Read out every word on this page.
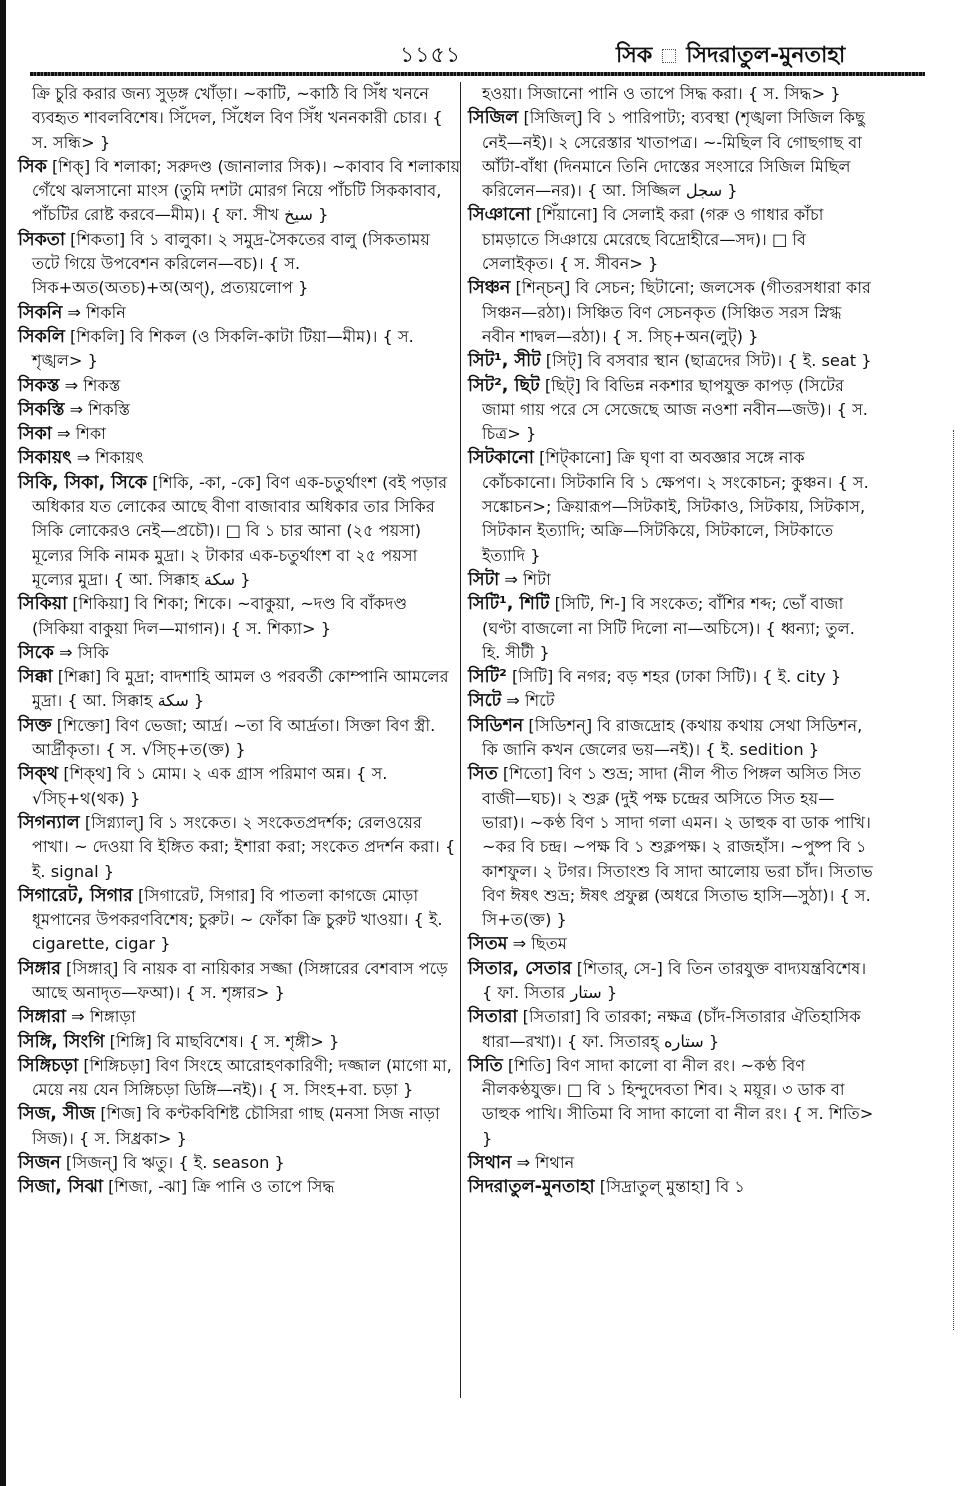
১১৫১	সিক সিদরাতুল-মুনতাহা

ক্রি চুরি করার জন্য সুড়ঙ্গ খোঁড়া। ~কাটি, ~কাঠি বি সিঁধ খননে ব্যবহৃত শাবলবিশেষ। সিঁদেল, সিঁধেল বিণ সিঁধ খননকারী চোর। { স. সন্ধি> }

সিক [শিক্] বি শলাকা; সরুদণ্ড (জানালার সিক)। ~কাবাব বি শলাকায় গেঁথে ঝলসানো মাংস (তুমি দশটা মোরগ নিয়ে পাঁচটি সিককাবাব, পাঁচটির রোষ্ট করবে—মীম)। { ফা. সীখ سیخ }

সিকতা [শিকতা] বি ১ বালুকা। ২ সমুদ্র-সৈকতের বালু (সিকতাময় তটে গিয়ে উপবেশন করিলেন—বচ)। { স. সিক+অত(অতচ)+অ(অণ্), প্রত্যয়লোপ }

সিকনি ⇒ শিকনি

সিকলি [শিকলি] বি শিকল (ও সিকলি-কাটা টিয়া—মীম)। { স. শৃঙ্খল> }

সিকস্ত ⇒ শিকস্ত

সিকস্তি ⇒ শিকস্তি

সিকা ⇒ শিকা

সিকায়ৎ ⇒ শিকায়ৎ

সিকি, সিকা, সিকে [শিকি, -কা, -কে] বিণ এক-চতুর্থাংশ (বই পড়ার অধিকার যত লোকের আছে বীণা বাজাবার অধিকার তার সিকির সিকি লোকেরও নেই—প্রচৌ)। □ বি ১ চার আনা (২৫ পয়সা) মূল্যের সিকি নামক মুদ্রা। ২ টাকার এক-চতুর্থাংশ বা ২৫ পয়সা মূল্যের মুদ্রা। { আ. সিক্কাহ سکة }

সিকিয়া [শিকিয়া] বি শিকা; শিকে। ~বাকুয়া, ~দণ্ড বি বাঁকদণ্ড (সিকিয়া বাকুয়া দিল—মাগান)। { স. শিক্যা> }

সিকে ⇒ সিকি

সিক্কা [শিক্কা] বি মুদ্রা; বাদশাহি আমল ও পরবর্তী কোম্পানি আমলের মুদ্রা। { আ. সিক্কাহ سکة }

সিক্ত [শিক্তো] বিণ ভেজা; আর্দ্র। ~তা বি আর্দ্রতা। সিক্তা বিণ স্ত্রী. আর্দ্রীকৃতা। { স. √সিচ্+ত(ক্ত) }

সিক্থ [শিক্থ] বি ১ মোম। ২ এক গ্রাস পরিমাণ অন্ন। { স. √সিচ্+থ(থক) }

সিগন্যাল [সিগ্ন্যাল্] বি ১ সংকেত। ২ সংকেতপ্রদর্শক; রেলওয়ের পাখা। ~ দেওয়া বি ইঙ্গিত করা; ইশারা করা; সংকেত প্রদর্শন করা। { ই. signal }

সিগারেট, সিগার [সিগারেট, সিগার] বি পাতলা কাগজে মোড়া ধূমপানের উপকরণবিশেষ; চুরুট। ~ ফোঁকা ক্রি চুরুট খাওয়া। { ই. cigarette, cigar }

সিঙ্গার [সিঙ্গার্] বি নায়ক বা নায়িকার সজ্জা (সিঙ্গারের বেশবাস পড়ে আছে অনাদৃত—ফআ)। { স. শৃঙ্গার> }

সিঙ্গারা ⇒ শিঙ্গাড়া

সিঙ্গি, সিংগি [শিঙ্গি] বি মাছবিশেষ। { স. শৃঙ্গী> }

সিঙ্গিচড়া [শিঙ্গিচড়া] বিণ সিংহে আরোহণকারিণী; দজ্জাল (মাগো মা, মেয়ে নয় যেন সিঙ্গিচড়া ডিঙ্গি—নই)। { স. সিংহ+বা. চড়া }

সিজ, সীজ [শিজ] বি কণ্টকবিশিষ্ট চৌসিরা গাছ (মনসা সিজ নাড়া সিজ)। { স. সিধ্রকা> }

সিজন [সিজন্] বি ঋতু। { ই. season }

সিজা, সিঝা [শিজা, -ঝা] ক্রি পানি ও তাপে সিদ্ধ

হওয়া। সিজানো পানি ও তাপে সিদ্ধ করা। { স. সিদ্ধ> }

সিজিল [সিজিল্] বি ১ পারিপাট্য; ব্যবস্থা (শৃঙ্খলা সিজিল কিছু নেই—নই)। ২ সেরেস্তার খাতাপত্র। ~-মিছিল বি গোছগাছ বা আঁটা-বাঁধা (দিনমানে তিনি দোস্তের সংসারে সিজিল মিছিল করিলেন—নর)। { আ. সিজ্জিল سجل }

সিঞানো [শিঁয়ানো] বি সেলাই করা (গরু ও গাধার কাঁচা চামড়াতে সিঞায়ে মেরেছে বিদ্রোহীরে—সদ)। □ বি সেলাইকৃত। { স. সীবন> }

সিঞ্চন [শিন্চন্] বি সেচন; ছিটানো; জলসেক (গীতরসধারা কার সিঞ্চন—রঠা)। সিঞ্চিত বিণ সেচনকৃত (সিঞ্চিত সরস স্নিগ্ধ নবীন শাদ্বল—রঠা)। { স. সিচ্+অন(লুট্) }

সিট¹, সীট [সিট্] বি বসবার স্থান (ছাত্রদের সিট)। { ই. seat }

সিট², ছিট [ছিট্] বি বিভিন্ন নকশার ছাপযুক্ত কাপড় (সিটের জামা গায় পরে সে সেজেছে আজ নওশা নবীন—জউ)। { স. চিত্র> }

সিটকানো [শিট্কানো] ক্রি ঘৃণা বা অবজ্ঞার সঙ্গে নাক কোঁচকানো। সিটকানি বি ১ ক্ষেপণ। ২ সংকোচন; কুঞ্চন। { স. সঙ্কোচন>; ক্রিয়ারূপ—সিটকাই, সিটকাও, সিটকায়, সিটকাস, সিটকান ইত্যাদি; অক্রি—সিটকিয়ে, সিটকালে, সিটকাতে ইত্যাদি }

সিটা ⇒ শিটা

সিটি¹, শিটি [সিটি, শি-] বি সংকেত; বাঁশির শব্দ; ভোঁ বাজা (ঘণ্টা বাজলো না সিটি দিলো না—অচিসে)। { ধ্বন্যা; তুল. হি. সীটী }

সিটি² [সিটি] বি নগর; বড় শহর (ঢাকা সিটি)। { ই. city }

সিটে ⇒ শিটে

সিডিশন [সিডিশন্] বি রাজদ্রোহ (কথায় কথায় সেথা সিডিশন, কি জানি কখন জেলের ভয়—নই)। { ই. sedition }

সিত [শিতো] বিণ ১ শুভ্র; সাদা (নীল পীত পিঙ্গল অসিত সিত বাজী—ঘচ)। ২ শুক্ল (দুই পক্ষ চন্দ্রের অসিতে সিত হয়—ভারা)। ~কণ্ঠ বিণ ১ সাদা গলা এমন। ২ ডাহুক বা ডাক পাখি। ~কর বি চন্দ্র। ~পক্ষ বি ১ শুক্লপক্ষ। ২ রাজহাঁস। ~পুষ্প বি ১ কাশফুল। ২ টগর। সিতাংশু বি সাদা আলোয় ভরা চাঁদ। সিতাভ বিণ ঈষৎ শুভ্র; ঈষৎ প্রফুল্ল (অধরে সিতাভ হাসি—সুঠা)। { স. সি+ত(ক্ত) }

সিতম ⇒ ছিতম

সিতার, সেতার [শিতার্, সে-] বি তিন তারযুক্ত বাদ্যযন্ত্রবিশেষ। { ফা. সিতার ستار }

সিতারা [সিতারা] বি তারকা; নক্ষত্র (চাঁদ-সিতারার ঐতিহাসিক ধারা—রখা)। { ফা. সিতারহ্ ستاره }

সিতি [শিতি] বিণ সাদা কালো বা নীল রং। ~কণ্ঠ বিণ নীলকণ্ঠযুক্ত। □ বি ১ হিন্দুদেবতা শিব। ২ ময়ূর। ৩ ডাক বা ডাহুক পাখি। সীতিমা বি সাদা কালো বা নীল রং। { স. শিতি> }

সিথান ⇒ শিথান

সিদরাতুল-মুনতাহা [সিদ্রাতুল্ মুন্তাহা] বি ১
